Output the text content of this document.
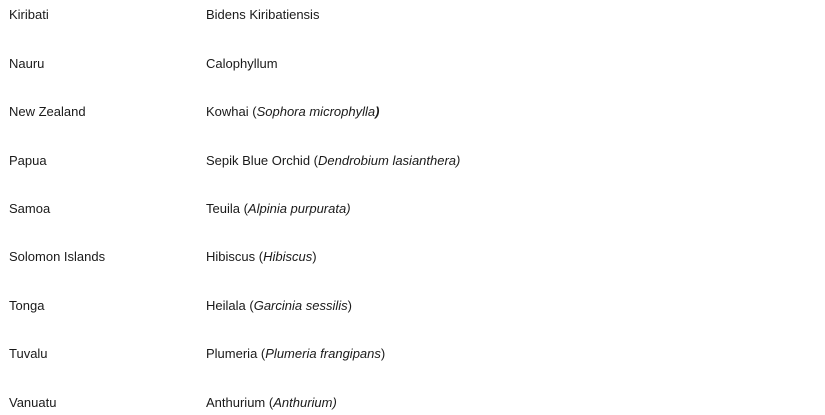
Kiribati	Bidens Kiribatiensis
Nauru	Calophyllum
New Zealand	Kowhai (Sophora microphylla)
Papua	Sepik Blue Orchid (Dendrobium lasianthera)
Samoa	Teuila (Alpinia purpurata)
Solomon Islands	Hibiscus (Hibiscus)
Tonga	Heilala (Garcinia sessilis)
Tuvalu	Plumeria (Plumeria frangipans)
Vanuatu	Anthurium (Anthurium)
